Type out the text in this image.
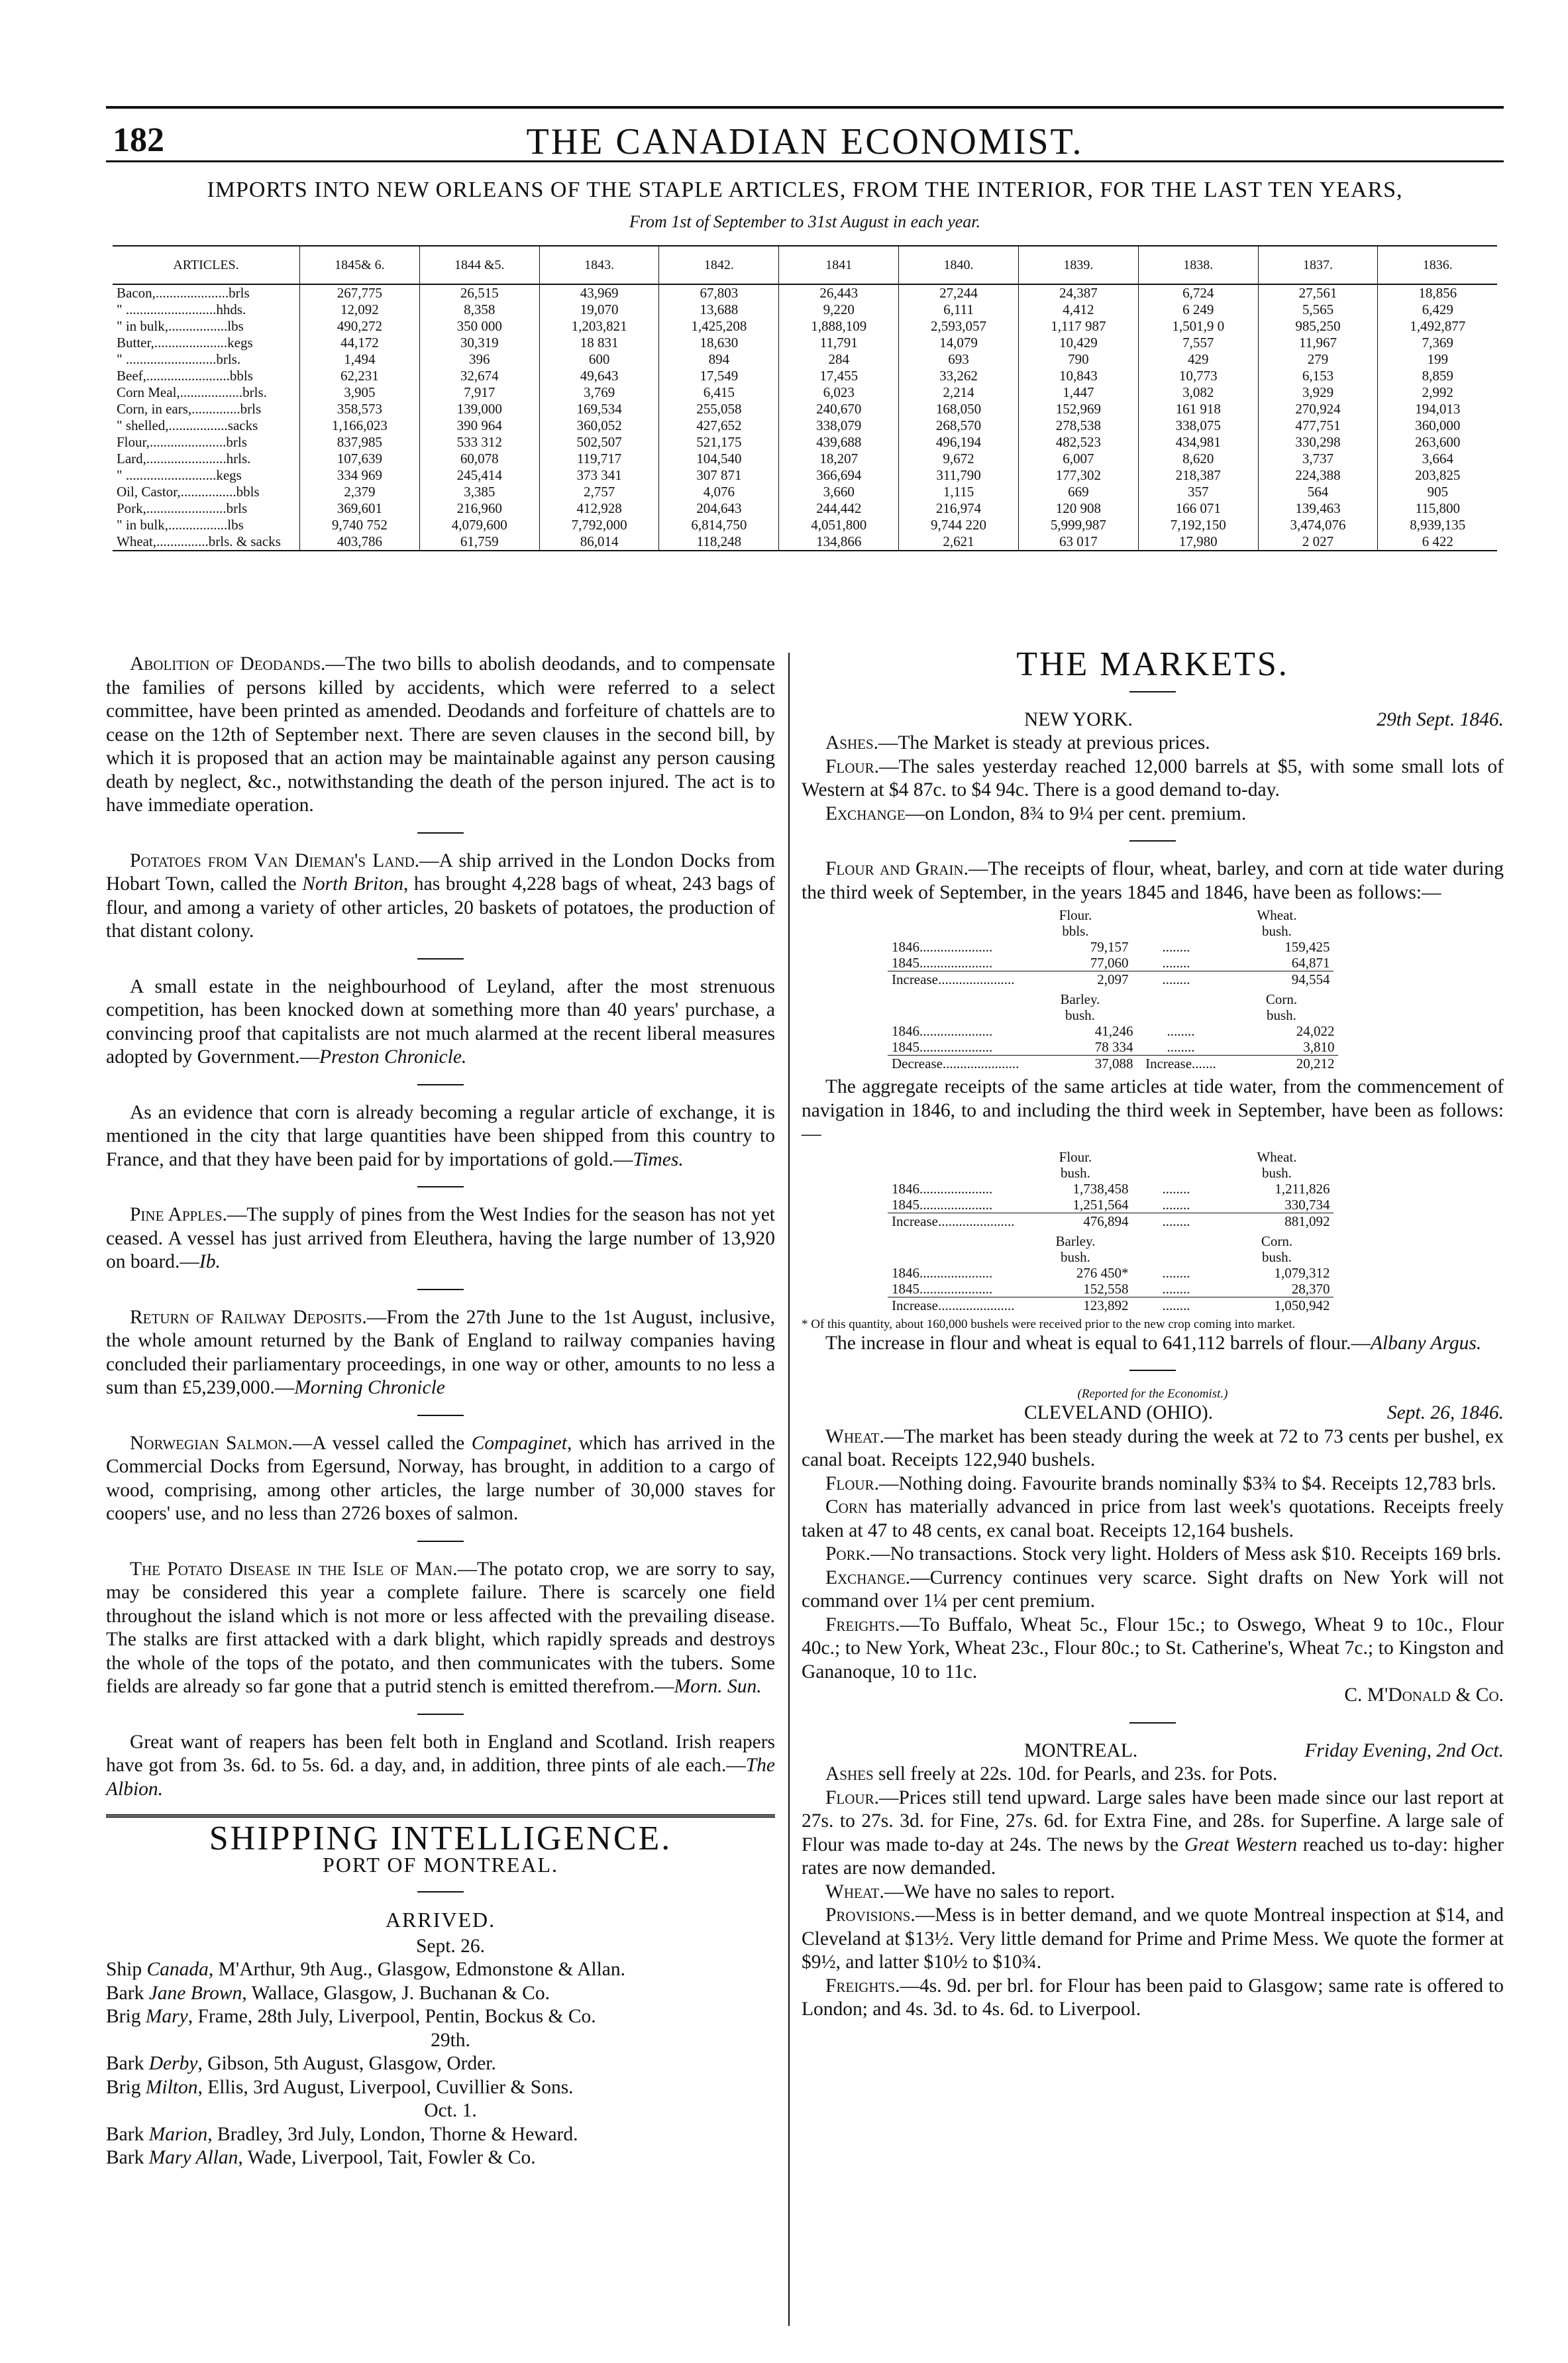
182	THE CANADIAN ECONOMIST.
IMPORTS INTO NEW ORLEANS OF THE STAPLE ARTICLES, FROM THE INTERIOR, FOR THE LAST TEN YEARS,
From 1st of September to 31st August in each year.
ARTICLES.	1845& 6.	1844 &5.	1843.	1842.	1841	1840.	1839.	1838.	1837.	1836.
Bacon,.....................brls	267,775	26,515	43,969	67,803	26,443	27,244	24,387	6,724	27,561	18,856
" ..........................hhds.	12,092	8,358	19,070	13,688	9,220	6,111	4,412	6 249	5,565	6,429
" in bulk,.................lbs	490,272	350 000	1,203,821	1,425,208	1,888,109	2,593,057	1,117 987	1,501,9 0	985,250	1,492,877
Butter,.....................kegs	44,172	30,319	18 831	18,630	11,791	14,079	10,429	7,557	11,967	7,369
" ..........................brls.	1,494	396	600	894	284	693	790	429	279	199
Beef,........................bbls	62,231	32,674	49,643	17,549	17,455	33,262	10,843	10,773	6,153	8,859
Corn Meal,..................brls.	3,905	7,917	3,769	6,415	6,023	2,214	1,447	3,082	3,929	2,992
Corn, in ears,..............brls	358,573	139,000	169,534	255,058	240,670	168,050	152,969	161 918	270,924	194,013
" shelled,.................sacks	1,166,023	390 964	360,052	427,652	338,079	268,570	278,538	338,075	477,751	360,000
Flour,......................brls	837,985	533 312	502,507	521,175	439,688	496,194	482,523	434,981	330,298	263,600
Lard,.......................hrls.	107,639	60,078	119,717	104,540	18,207	9,672	6,007	8,620	3,737	3,664
" ..........................kegs	334 969	245,414	373 341	307 871	366,694	311,790	177,302	218,387	224,388	203,825
Oil, Castor,................bbls	2,379	3,385	2,757	4,076	3,660	1,115	669	357	564	905
Pork,.......................brls	369,601	216,960	412,928	204,643	244,442	216,974	120 908	166 071	139,463	115,800
" in bulk,.................lbs	9,740 752	4,079,600	7,792,000	6,814,750	4,051,800	9,744 220	5,999,987	7,192,150	3,474,076	8,939,135
Wheat,...............brls. & sacks	403,786	61,759	86,014	118,248	134,866	2,621	63 017	17,980	2 027	6 422

Abolition of Deodands.—The two bills to abolish deodands, and to compensate the families of persons killed by accidents, which were referred to a select committee, have been printed as amended. Deodands and forfeiture of chattels are to cease on the 12th of September next. There are seven clauses in the second bill, by which it is proposed that an action may be maintainable against any person causing death by neglect, &c., notwithstanding the death of the person injured. The act is to have immediate operation.

Potatoes from Van Dieman's Land.—A ship arrived in the London Docks from Hobart Town, called the North Briton, has brought 4,228 bags of wheat, 243 bags of flour, and among a variety of other articles, 20 baskets of potatoes, the production of that distant colony.

A small estate in the neighbourhood of Leyland, after the most strenuous competition, has been knocked down at something more than 40 years' purchase, a convincing proof that capitalists are not much alarmed at the recent liberal measures adopted by Government.—Preston Chronicle.

As an evidence that corn is already becoming a regular article of exchange, it is mentioned in the city that large quantities have been shipped from this country to France, and that they have been paid for by importations of gold.—Times.

Pine Apples.—The supply of pines from the West Indies for the season has not yet ceased. A vessel has just arrived from Eleuthera, having the large number of 13,920 on board.—Ib.

Return of Railway Deposits.—From the 27th June to the 1st August, inclusive, the whole amount returned by the Bank of England to railway companies having concluded their parliamentary proceedings, in one way or other, amounts to no less a sum than £5,239,000.—Morning Chronicle

Norwegian Salmon.—A vessel called the Compaginet, which has arrived in the Commercial Docks from Egersund, Norway, has brought, in addition to a cargo of wood, comprising, among other articles, the large number of 30,000 staves for coopers' use, and no less than 2726 boxes of salmon.

The Potato Disease in the Isle of Man.—The potato crop, we are sorry to say, may be considered this year a complete failure. There is scarcely one field throughout the island which is not more or less affected with the prevailing disease. The stalks are first attacked with a dark blight, which rapidly spreads and destroys the whole of the tops of the potato, and then communicates with the tubers. Some fields are already so far gone that a putrid stench is emitted therefrom.—Morn. Sun.

Great want of reapers has been felt both in England and Scotland. Irish reapers have got from 3s. 6d. to 5s. 6d. a day, and, in addition, three pints of ale each.—The Albion.

SHIPPING INTELLIGENCE.
PORT OF MONTREAL.
ARRIVED.

Sept. 26.

Ship Canada, M'Arthur, 9th Aug., Glasgow, Edmonstone & Allan.

Bark Jane Brown, Wallace, Glasgow, J. Buchanan & Co.

Brig Mary, Frame, 28th July, Liverpool, Pentin, Bockus & Co.

29th.

Bark Derby, Gibson, 5th August, Glasgow, Order.

Brig Milton, Ellis, 3rd August, Liverpool, Cuvillier & Sons.

Oct. 1.

Bark Marion, Bradley, 3rd July, London, Thorne & Heward.

Bark Mary Allan, Wade, Liverpool, Tait, Fowler & Co.

THE MARKETS.

NEW YORK.	29th Sept. 1846.

Ashes.—The Market is steady at previous prices.

Flour.—The sales yesterday reached 12,000 barrels at $5, with some small lots of Western at $4 87c. to $4 94c. There is a good demand to-day.

Exchange—on London, 8¾ to 9¼ per cent. premium.

Flour and Grain.—The receipts of flour, wheat, barley, and corn at tide water during the third week of September, in the years 1845 and 1846, have been as follows:—

	Flour.		Wheat.
	bbls.		bush.
1846.....................	79,157	........	159,425
1845.....................	77,060	........	64,871
Increase......................	2,097	........	94,554
	Barley.		Corn.
	bush.		bush.
1846.....................	41,246	........	24,022
1845.....................	78 334	........	3,810
Decrease......................	37,088	Increase.......	20,212

The aggregate receipts of the same articles at tide water, from the commencement of navigation in 1846, to and including the third week in September, have been as follows:—

	Flour.		Wheat.
	bush.		bush.
1846.....................	1,738,458	........	1,211,826
1845.....................	1,251,564	........	330,734
Increase......................	476,894	........	881,092
	Barley.		Corn.
	bush.		bush.
1846.....................	276 450*	........	1,079,312
1845.....................	152,558	........	28,370
Increase......................	123,892	........	1,050,942

* Of this quantity, about 160,000 bushels were received prior to the new crop coming into market.

The increase in flour and wheat is equal to 641,112 barrels of flour.—Albany Argus.

(Reported for the Economist.)

CLEVELAND (OHIO).	Sept. 26, 1846.

Wheat.—The market has been steady during the week at 72 to 73 cents per bushel, ex canal boat. Receipts 122,940 bushels.

Flour.—Nothing doing. Favourite brands nominally $3¾ to $4. Receipts 12,783 brls.

Corn has materially advanced in price from last week's quotations. Receipts freely taken at 47 to 48 cents, ex canal boat. Receipts 12,164 bushels.

Pork.—No transactions. Stock very light. Holders of Mess ask $10. Receipts 169 brls.

Exchange.—Currency continues very scarce. Sight drafts on New York will not command over 1¼ per cent premium.

Freights.—To Buffalo, Wheat 5c., Flour 15c.; to Oswego, Wheat 9 to 10c., Flour 40c.; to New York, Wheat 23c., Flour 80c.; to St. Catherine's, Wheat 7c.; to Kingston and Gananoque, 10 to 11c.

C. M'Donald & Co.

MONTREAL.	Friday Evening, 2nd Oct.

Ashes sell freely at 22s. 10d. for Pearls, and 23s. for Pots.

Flour.—Prices still tend upward. Large sales have been made since our last report at 27s. to 27s. 3d. for Fine, 27s. 6d. for Extra Fine, and 28s. for Superfine. A large sale of Flour was made to-day at 24s. The news by the Great Western reached us to-day: higher rates are now demanded.

Wheat.—We have no sales to report.

Provisions.—Mess is in better demand, and we quote Montreal inspection at $14, and Cleveland at $13½. Very little demand for Prime and Prime Mess. We quote the former at $9½, and latter $10½ to $10¾.

Freights.—4s. 9d. per brl. for Flour has been paid to Glasgow; same rate is offered to London; and 4s. 3d. to 4s. 6d. to Liverpool.
